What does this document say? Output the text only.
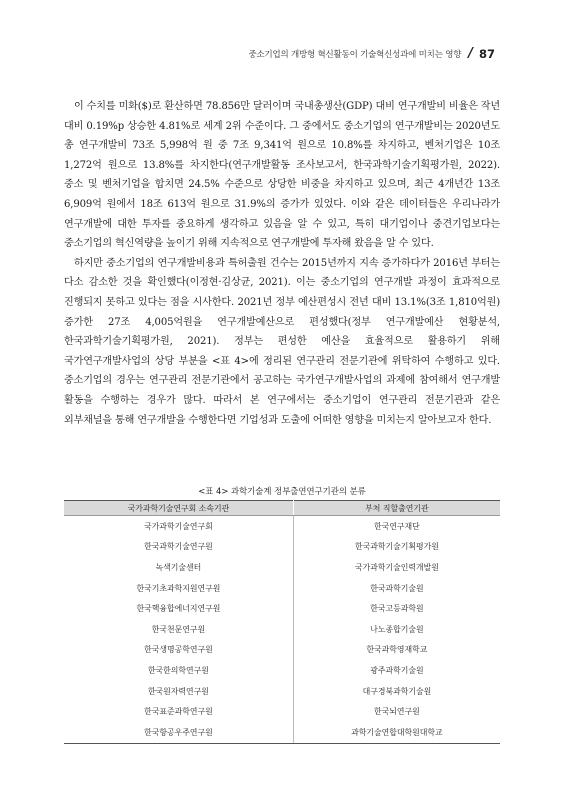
중소기업의 개방형 혁신활동이 기술혁신성과에 미치는 영향 / 87

이 수치를 미화($)로 환산하면 78.856만 달러이며 국내총생산(GDP) 대비 연구개발비 비율은 작년 대비 0.19%p 상승한 4.81%로 세계 2위 수준이다. 그 중에서도 중소기업의 연구개발비는 2020년도 총 연구개발비 73조 5,998억 원 중 7조 9,341억 원으로 10.8%를 차지하고, 벤처기업은 10조 1,272억 원으로 13.8%를 차지한다(연구개발활동 조사보고서, 한국과학기술기획평가원, 2022). 중소 및 벤처기업을 합치면 24.5% 수준으로 상당한 비중을 차지하고 있으며, 최근 4개년간 13조 6,909억 원에서 18조 613억 원으로 31.9%의 증가가 있었다. 이와 같은 데이터들은 우리나라가 연구개발에 대한 투자를 중요하게 생각하고 있음을 알 수 있고, 특히 대기업이나 중견기업보다는 중소기업의 혁신역량을 높이기 위해 지속적으로 연구개발에 투자해 왔음을 알 수 있다.

하지만 중소기업의 연구개발비용과 특허출원 건수는 2015년까지 지속 증가하다가 2016년 부터는 다소 감소한 것을 확인했다(이정현·김상균, 2021). 이는 중소기업의 연구개발 과정이 효과적으로 진행되지 못하고 있다는 점을 시사한다. 2021년 정부 예산편성시 전년 대비 13.1%(3조 1,810억원) 증가한 27조 4,005억원을 연구개발예산으로 편성했다(정부 연구개발예산 현황분석, 한국과학기술기획평가원, 2021). 정부는 편성한 예산을 효율적으로 활용하기 위해 국가연구개발사업의 상당 부분을 <표 4>에 정리된 연구관리 전문기관에 위탁하여 수행하고 있다. 중소기업의 경우는 연구관리 전문기관에서 공고하는 국가연구개발사업의 과제에 참여해서 연구개발 활동을 수행하는 경우가 많다. 따라서 본 연구에서는 중소기업이 연구관리 전문기관과 같은 외부채널을 통해 연구개발을 수행한다면 기업성과 도출에 어떠한 영향을 미치는지 알아보고자 한다.

<표 4> 과학기술계 정부출연연구기관의 분류
국가과학기술연구회 소속기관	부처 직할출연기관
국가과학기술연구회	한국연구재단
한국과학기술연구원	한국과학기술기획평가원
녹색기술센터	국가과학기술인력개발원
한국기초과학지원연구원	한국과학기술원
한국핵융합에너지연구원	한국고등과학원
한국천문연구원	나노종합기술원
한국생명공학연구원	한국과학영재학교
한국한의학연구원	광주과학기술원
한국원자력연구원	대구경북과학기술원
한국표준과학연구원	한국뇌연구원
한국항공우주연구원	과학기술연합대학원대학교
